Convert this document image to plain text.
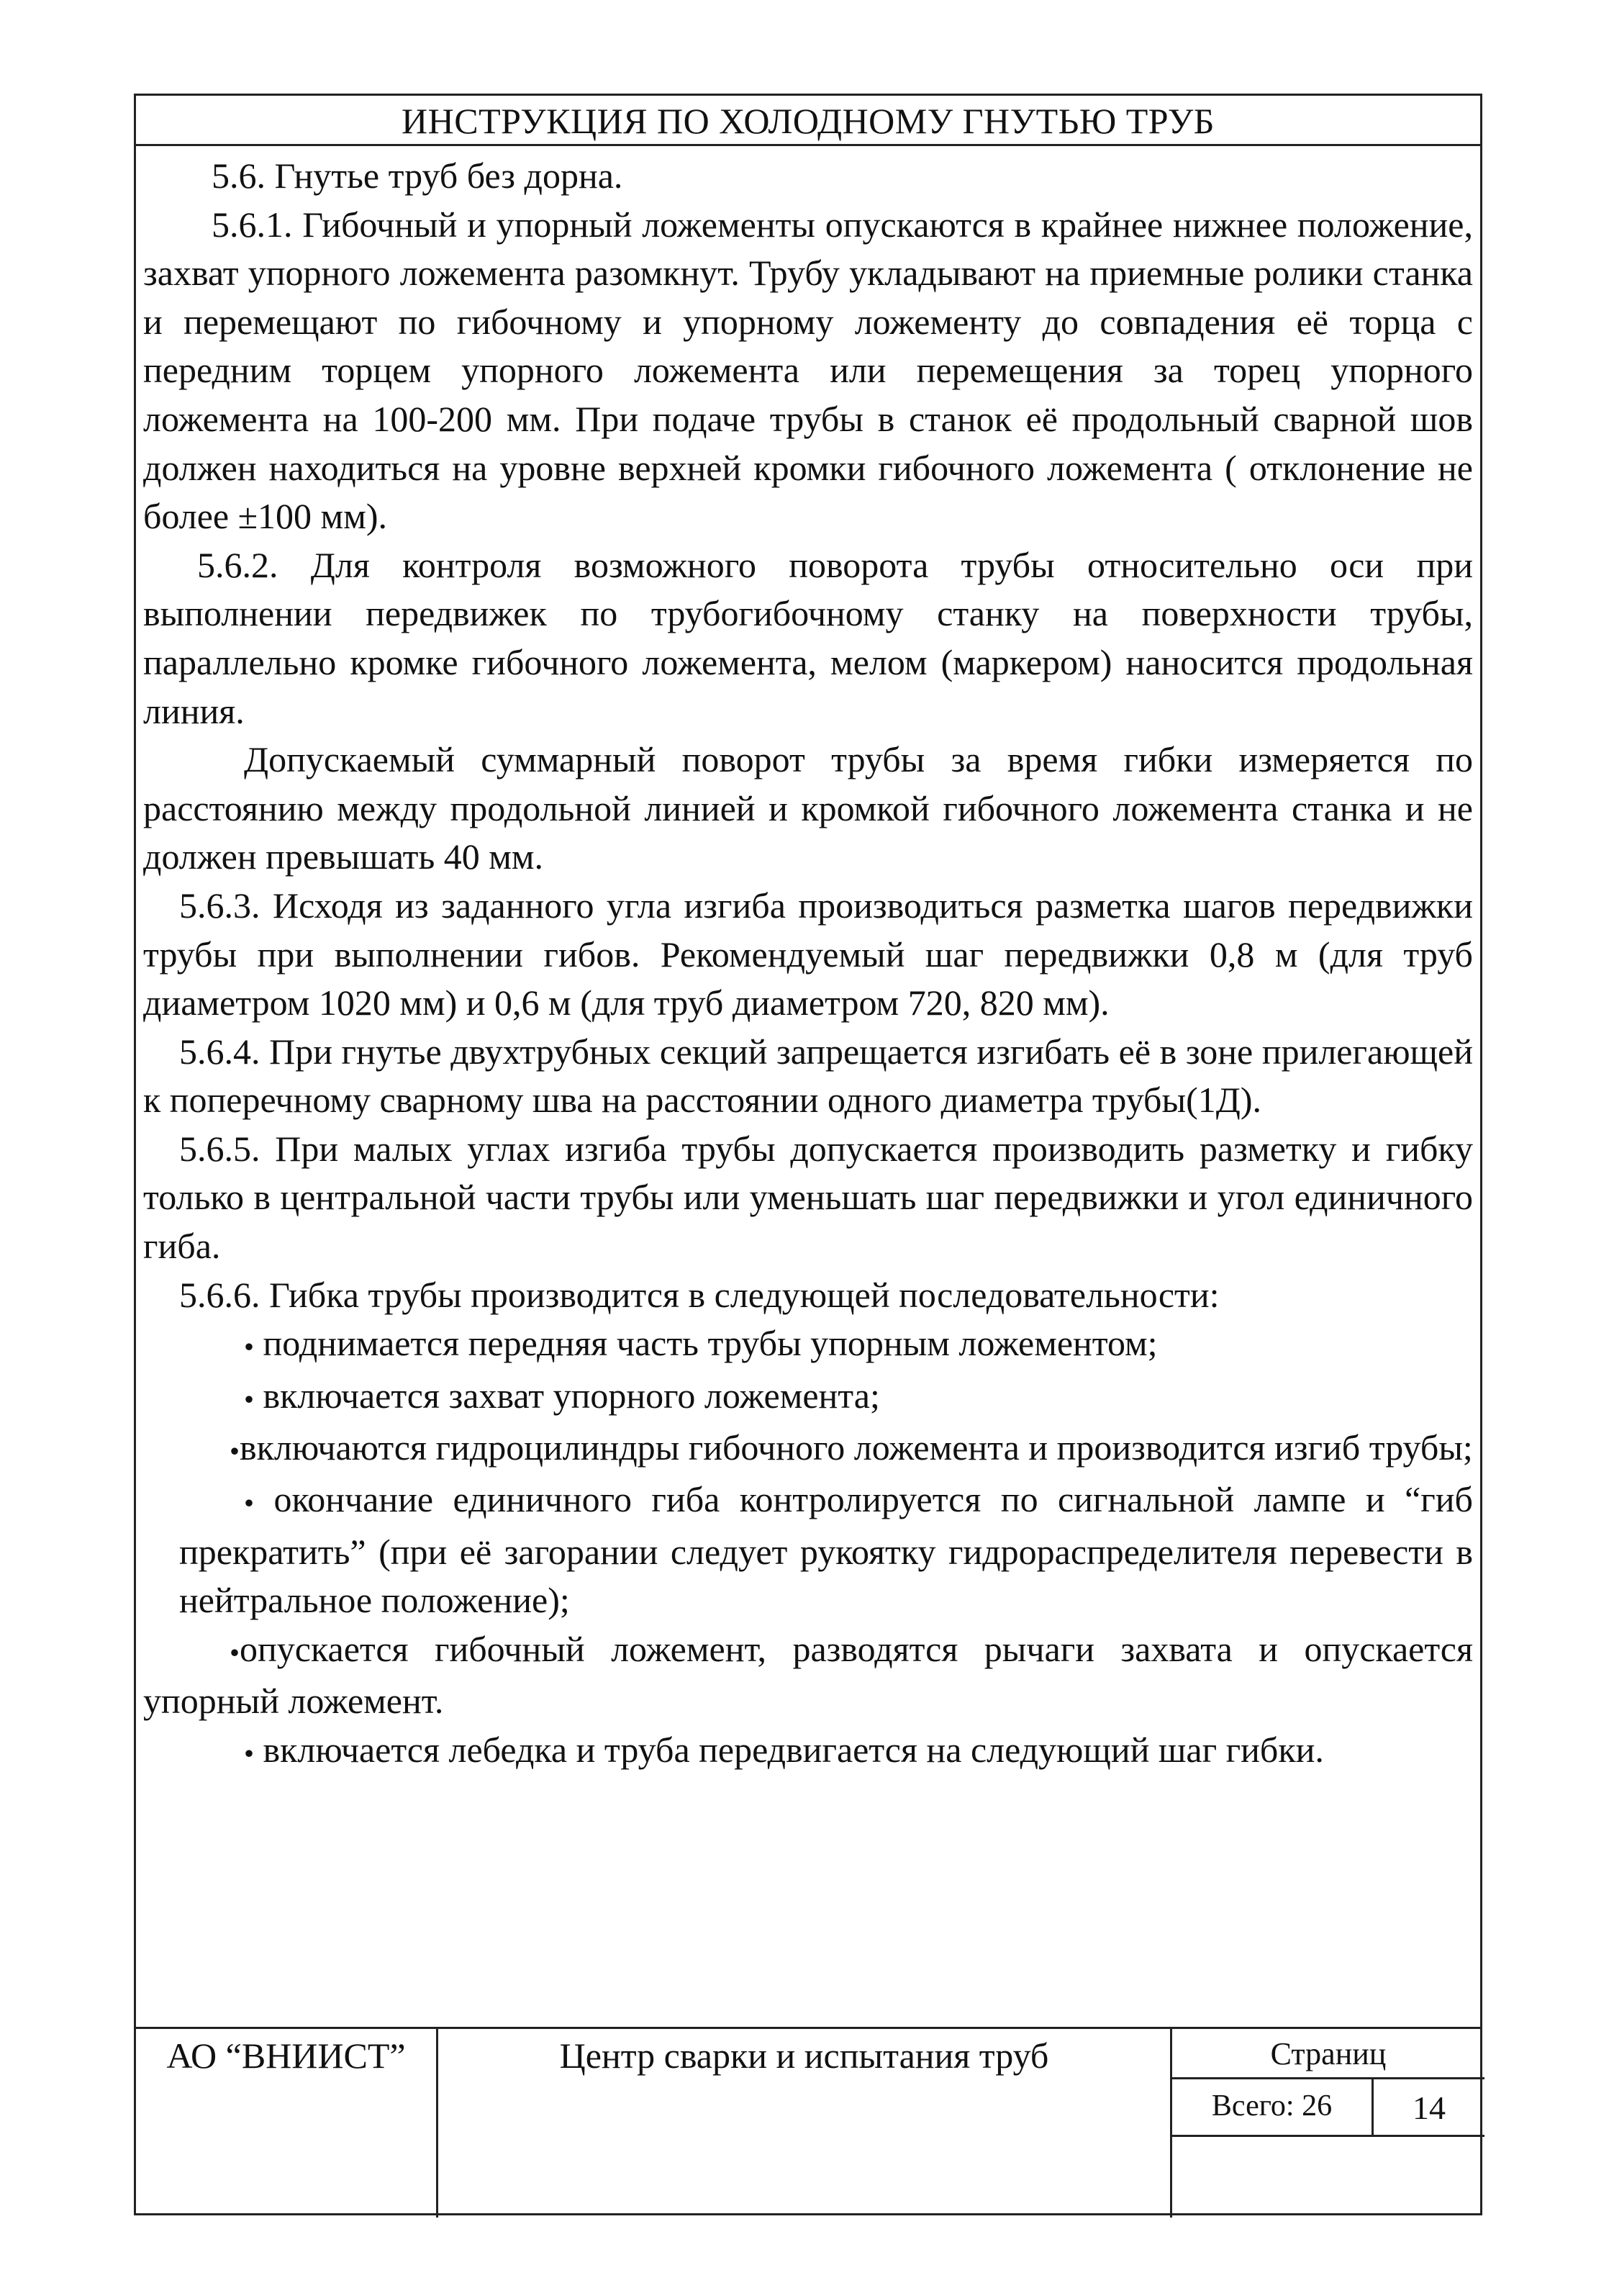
ИНСТРУКЦИЯ ПО ХОЛОДНОМУ ГНУТЬЮ ТРУБ

5.6. Гнутье труб без дорна.

5.6.1. Гибочный и упорный ложементы опускаются в крайнее нижнее положение, захват упорного ложемента разомкнут. Трубу укладывают на приемные ролики станка и перемещают по гибочному и упорному ложементу до совпадения её торца с передним торцем упорного ложемента или перемещения за торец упорного ложемента на 100-200 мм. При подаче трубы в станок её продольный сварной шов должен находиться на уровне верхней кромки гибочного ложемента ( отклонение не более ±100 мм).

5.6.2. Для контроля возможного поворота трубы относительно оси при выполнении передвижек по трубогибочному станку на поверхности трубы, параллельно кромке гибочного ложемента, мелом (маркером) наносится продольная линия.

Допускаемый суммарный поворот трубы за время гибки измеряется по расстоянию между продольной линией и кромкой гибочного ложемента станка и не должен превышать 40 мм.

5.6.3. Исходя из заданного угла изгиба производиться разметка шагов передвижки трубы при выполнении гибов. Рекомендуемый шаг передвижки 0,8 м (для труб диаметром 1020 мм) и 0,6 м (для труб диаметром 720, 820 мм).

5.6.4. При гнутье двухтрубных секций запрещается изгибать её в зоне прилегающей к поперечному сварному шва на расстоянии одного диаметра трубы(1Д).

5.6.5. При малых углах изгиба трубы допускается производить разметку и гибку только в центральной части трубы или уменьшать шаг передвижки и угол единичного гиба.

5.6.6. Гибка трубы производится в следующей последовательности:

• поднимается передняя часть трубы упорным ложементом;

• включается захват упорного ложемента;

•включаются гидроцилиндры гибочного ложемента и производится изгиб трубы;

• окончание единичного гиба контролируется по сигнальной лампе и “гиб прекратить” (при её загорании следует рукоятку гидрораспределителя перевести в нейтральное положение);

•опускается гибочный ложемент, разводятся рычаги захвата и опускается упорный ложемент.

• включается лебедка и труба передвигается на следующий шаг гибки.

АО “ВНИИСТ”	Центр сварки и испытания труб	Страниц
Всего: 26	14
